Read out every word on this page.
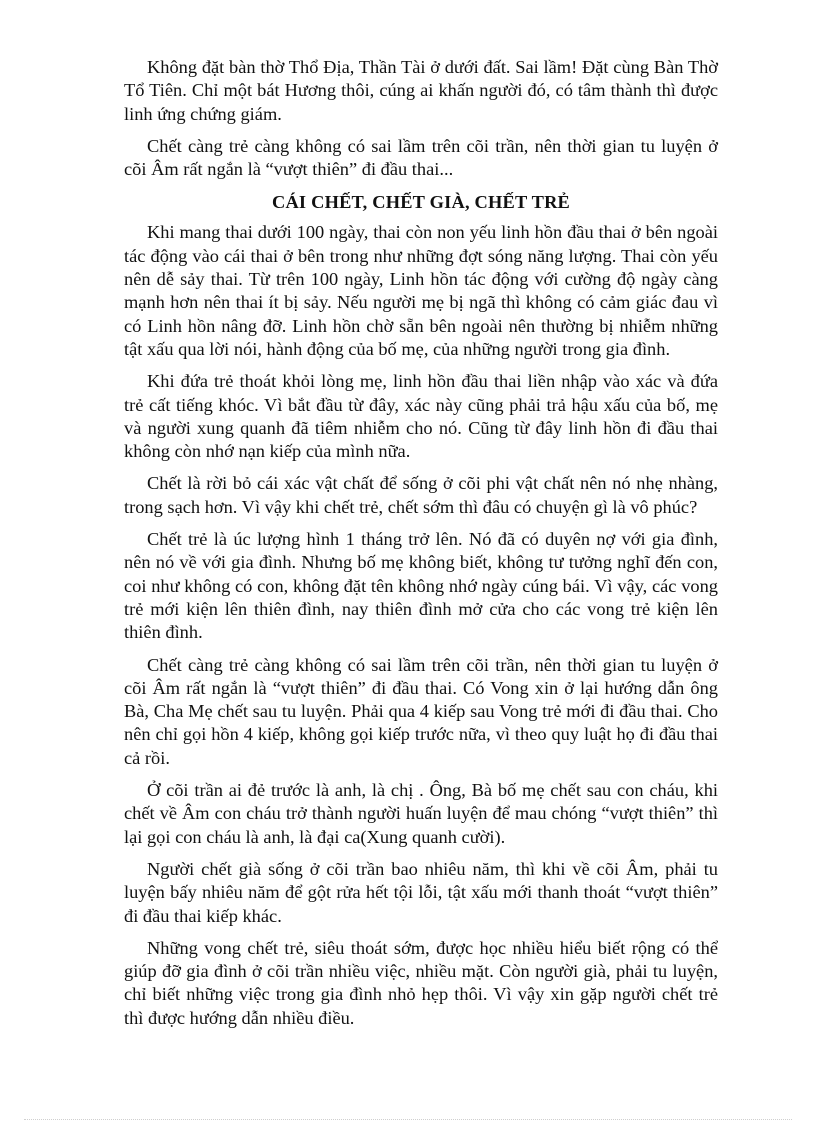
Không đặt bàn thờ Thổ Địa, Thần Tài ở dưới đất. Sai lầm! Đặt cùng Bàn Thờ Tổ Tiên. Chỉ một bát Hương thôi, cúng ai khấn người đó, có tâm thành thì được linh ứng chứng giám.

Chết càng trẻ càng không có sai lầm trên cõi trần, nên thời gian tu luyện ở cõi Âm rất ngắn là “vượt thiên” đi đầu thai...

CÁI CHẾT, CHẾT GIÀ, CHẾT TRẺ

Khi mang thai dưới 100 ngày, thai còn non yếu linh hồn đầu thai ở bên ngoài tác động vào cái thai ở bên trong như những đợt sóng năng lượng. Thai còn yếu nên dễ sảy thai. Từ trên 100 ngày, Linh hồn tác động với cường độ ngày càng mạnh hơn nên thai ít bị sảy. Nếu người mẹ bị ngã thì không có cảm giác đau vì có Linh hồn nâng đỡ. Linh hồn chờ sẵn bên ngoài nên thường bị nhiễm những tật xấu qua lời nói, hành động của bố mẹ, của những người trong gia đình.

Khi đứa trẻ thoát khỏi lòng mẹ, linh hồn đầu thai liền nhập vào xác và đứa trẻ cất tiếng khóc. Vì bắt đầu từ đây, xác này cũng phải trả hậu xấu của bố, mẹ và người xung quanh đã tiêm nhiễm cho nó. Cũng từ đây linh hồn đi đầu thai không còn nhớ nạn kiếp của mình nữa.

Chết là rời bỏ cái xác vật chất để sống ở cõi phi vật chất nên nó nhẹ nhàng, trong sạch hơn. Vì vậy khi chết trẻ, chết sớm thì đâu có chuyện gì là vô phúc?

Chết trẻ là úc lượng hình 1 tháng trở lên. Nó đã có duyên nợ với gia đình, nên nó về với gia đình. Nhưng bố mẹ không biết, không tư tưởng nghĩ đến con, coi như không có con, không đặt tên không nhớ ngày cúng bái. Vì vậy, các vong trẻ mới kiện lên thiên đình, nay thiên đình mở cửa cho các vong trẻ kiện lên thiên đình.

Chết càng trẻ càng không có sai lầm trên cõi trần, nên thời gian tu luyện ở cõi Âm rất ngắn là “vượt thiên” đi đầu thai. Có Vong xin ở lại hướng dẫn ông Bà, Cha Mẹ chết sau tu luyện. Phải qua 4 kiếp sau Vong trẻ mới đi đầu thai. Cho nên chỉ gọi hồn 4 kiếp, không gọi kiếp trước nữa, vì theo quy luật họ đi đầu thai cả rồi.

Ở cõi trần ai đẻ trước là anh, là chị . Ông, Bà bố mẹ chết sau con cháu, khi chết về Âm con cháu trở thành người huấn luyện để mau chóng “vượt thiên” thì lại gọi con cháu là anh, là đại ca(Xung quanh cười).

Người chết già sống ở cõi trần bao nhiêu năm, thì khi về cõi Âm, phải tu luyện bấy nhiêu năm để gột rửa hết tội lỗi, tật xấu mới thanh thoát “vượt thiên” đi đầu thai kiếp khác.

Những vong chết trẻ, siêu thoát sớm, được học nhiều hiểu biết rộng có thể giúp đỡ gia đình ở cõi trần nhiều việc, nhiều mặt. Còn người già, phải tu luyện, chỉ biết những việc trong gia đình nhỏ hẹp thôi. Vì vậy xin gặp người chết trẻ thì được hướng dẫn nhiều điều.
